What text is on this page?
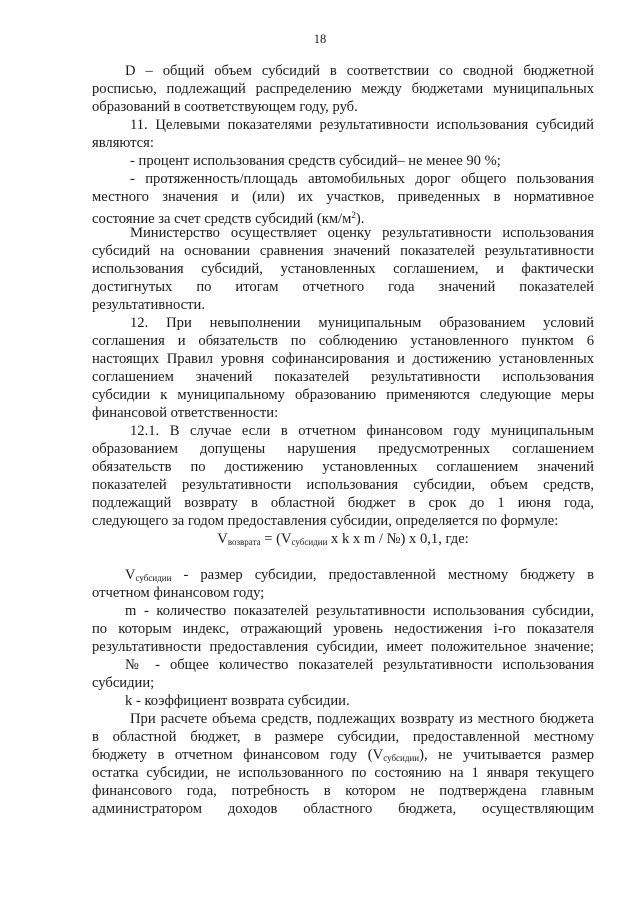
18
D – общий объем субсидий в соответствии со сводной бюджетной
росписью, подлежащий распределению между бюджетами муниципальных
образований в соответствующем году, руб.
11. Целевыми показателями результативности использования субсидий
являются:
- процент использования средств субсидий– не менее 90 %;
- протяженность/площадь автомобильных дорог общего пользования
местного значения и (или) их участков, приведенных в нормативное
состояние за счет средств субсидий $(км/м^2)$.
Министерство осуществляет оценку результативности использования
субсидий на основании сравнения значений показателей результативности
использования субсидий, установленных соглашением, и фактически
достигнутых по итогам отчетного года значений показателей
результативности.
12. При невыполнении муниципальным образованием условий
соглашения и обязательств по соблюдению установленного пунктом 6
настоящих Правил уровня софинансирования и достижению установленных
соглашением значений показателей результативности использования
субсидии к муниципальному образованию применяются следующие меры
финансовой ответственности:
12.1. В случае если в отчетном финансовом году муниципальным
образованием допущены нарушения предусмотренных соглашением
обязательств по достижению установленных соглашением значений
показателей результативности использования субсидии, объем средств,
подлежащий возврату в областной бюджет в срок до 1 июня года,
следующего за годом предоставления субсидии, определяется по формуле:
$V_{возврата} = (V_{субсидии}$ x k x m / №) x 0,1, где:
$V_{субсидии}$ - размер субсидии, предоставленной местному бюджету в
отчетном финансовом году;
m - количество показателей результативности использования субсидии,
по которым индекс, отражающий уровень недостижения i-го показателя
результативности предоставления субсидии, имеет положительное значение;
№ - общее количество показателей результативности использования
субсидии;
k - коэффициент возврата субсидии.
При расчете объема средств, подлежащих возврату из местного бюджета
в областной бюджет, в размере субсидии, предоставленной местному
бюджету в отчетном финансовом году $(V_{субсидии})$, не учитывается размер
остатка субсидии, не использованного по состоянию на 1 января текущего
финансового года, потребность в котором не подтверждена главным
администратором доходов областного бюджета, осуществляющим
